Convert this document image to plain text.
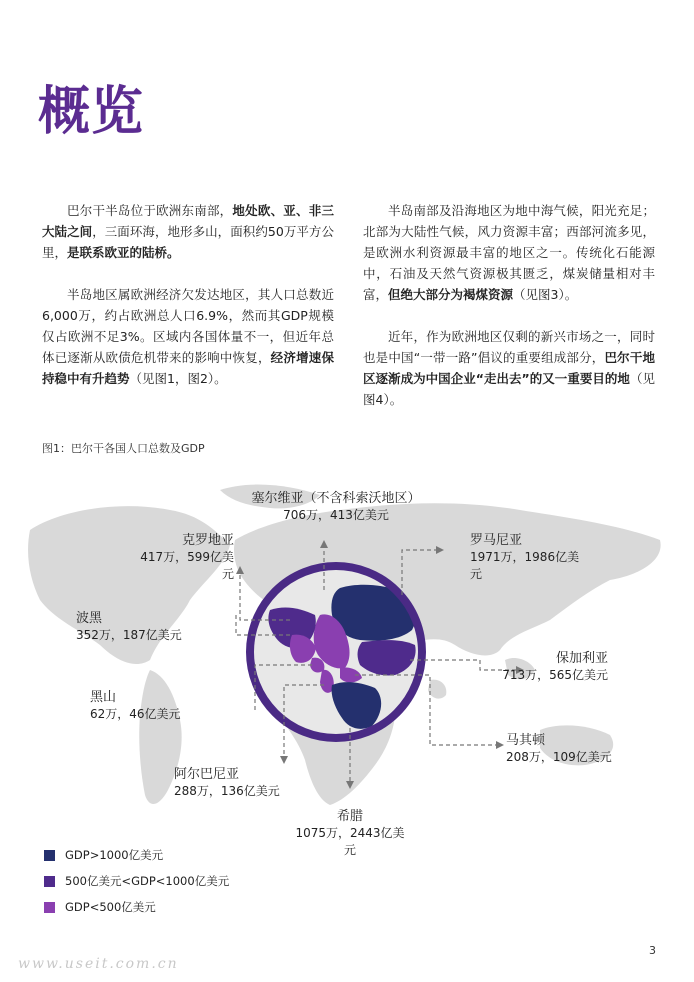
概览

巴尔干半岛位于欧洲东南部，地处欧、亚、非三大陆之间，三面环海，地形多山，面积约50万平方公里，是联系欧亚的陆桥。

半岛地区属欧洲经济欠发达地区，其人口总数近6,000万，约占欧洲总人口6.9%，然而其GDP规模仅占欧洲不足3%。区域内各国体量不一，但近年总体已逐渐从欧债危机带来的影响中恢复，经济增速保持稳中有升趋势（见图1，图2）。

半岛南部及沿海地区为地中海气候，阳光充足；北部为大陆性气候，风力资源丰富；西部河流多见，是欧洲水利资源最丰富的地区之一。传统化石能源中，石油及天然气资源极其匮乏，煤炭储量相对丰富，但绝大部分为褐煤资源（见图3）。

近年，作为欧洲地区仅剩的新兴市场之一，同时也是中国“一带一路”倡议的重要组成部分，巴尔干地区逐渐成为中国企业“走出去”的又一重要目的地（见图4）。

图1：巴尔干各国人口总数及GDP
塞尔维亚（不含科索沃地区）
706万，413亿美元
克罗地亚
417万，599亿美元
罗马尼亚
1971万，1986亿美元
波黑
352万，187亿美元
保加利亚
713万，565亿美元
黑山
62万，46亿美元
马其顿
208万，109亿美元
阿尔巴尼亚
288万，136亿美元
希腊
1075万，2443亿美元
GDP>1000亿美元
500亿美元<GDP<1000亿美元
GDP<500亿美元
3
www.useit.com.cn
